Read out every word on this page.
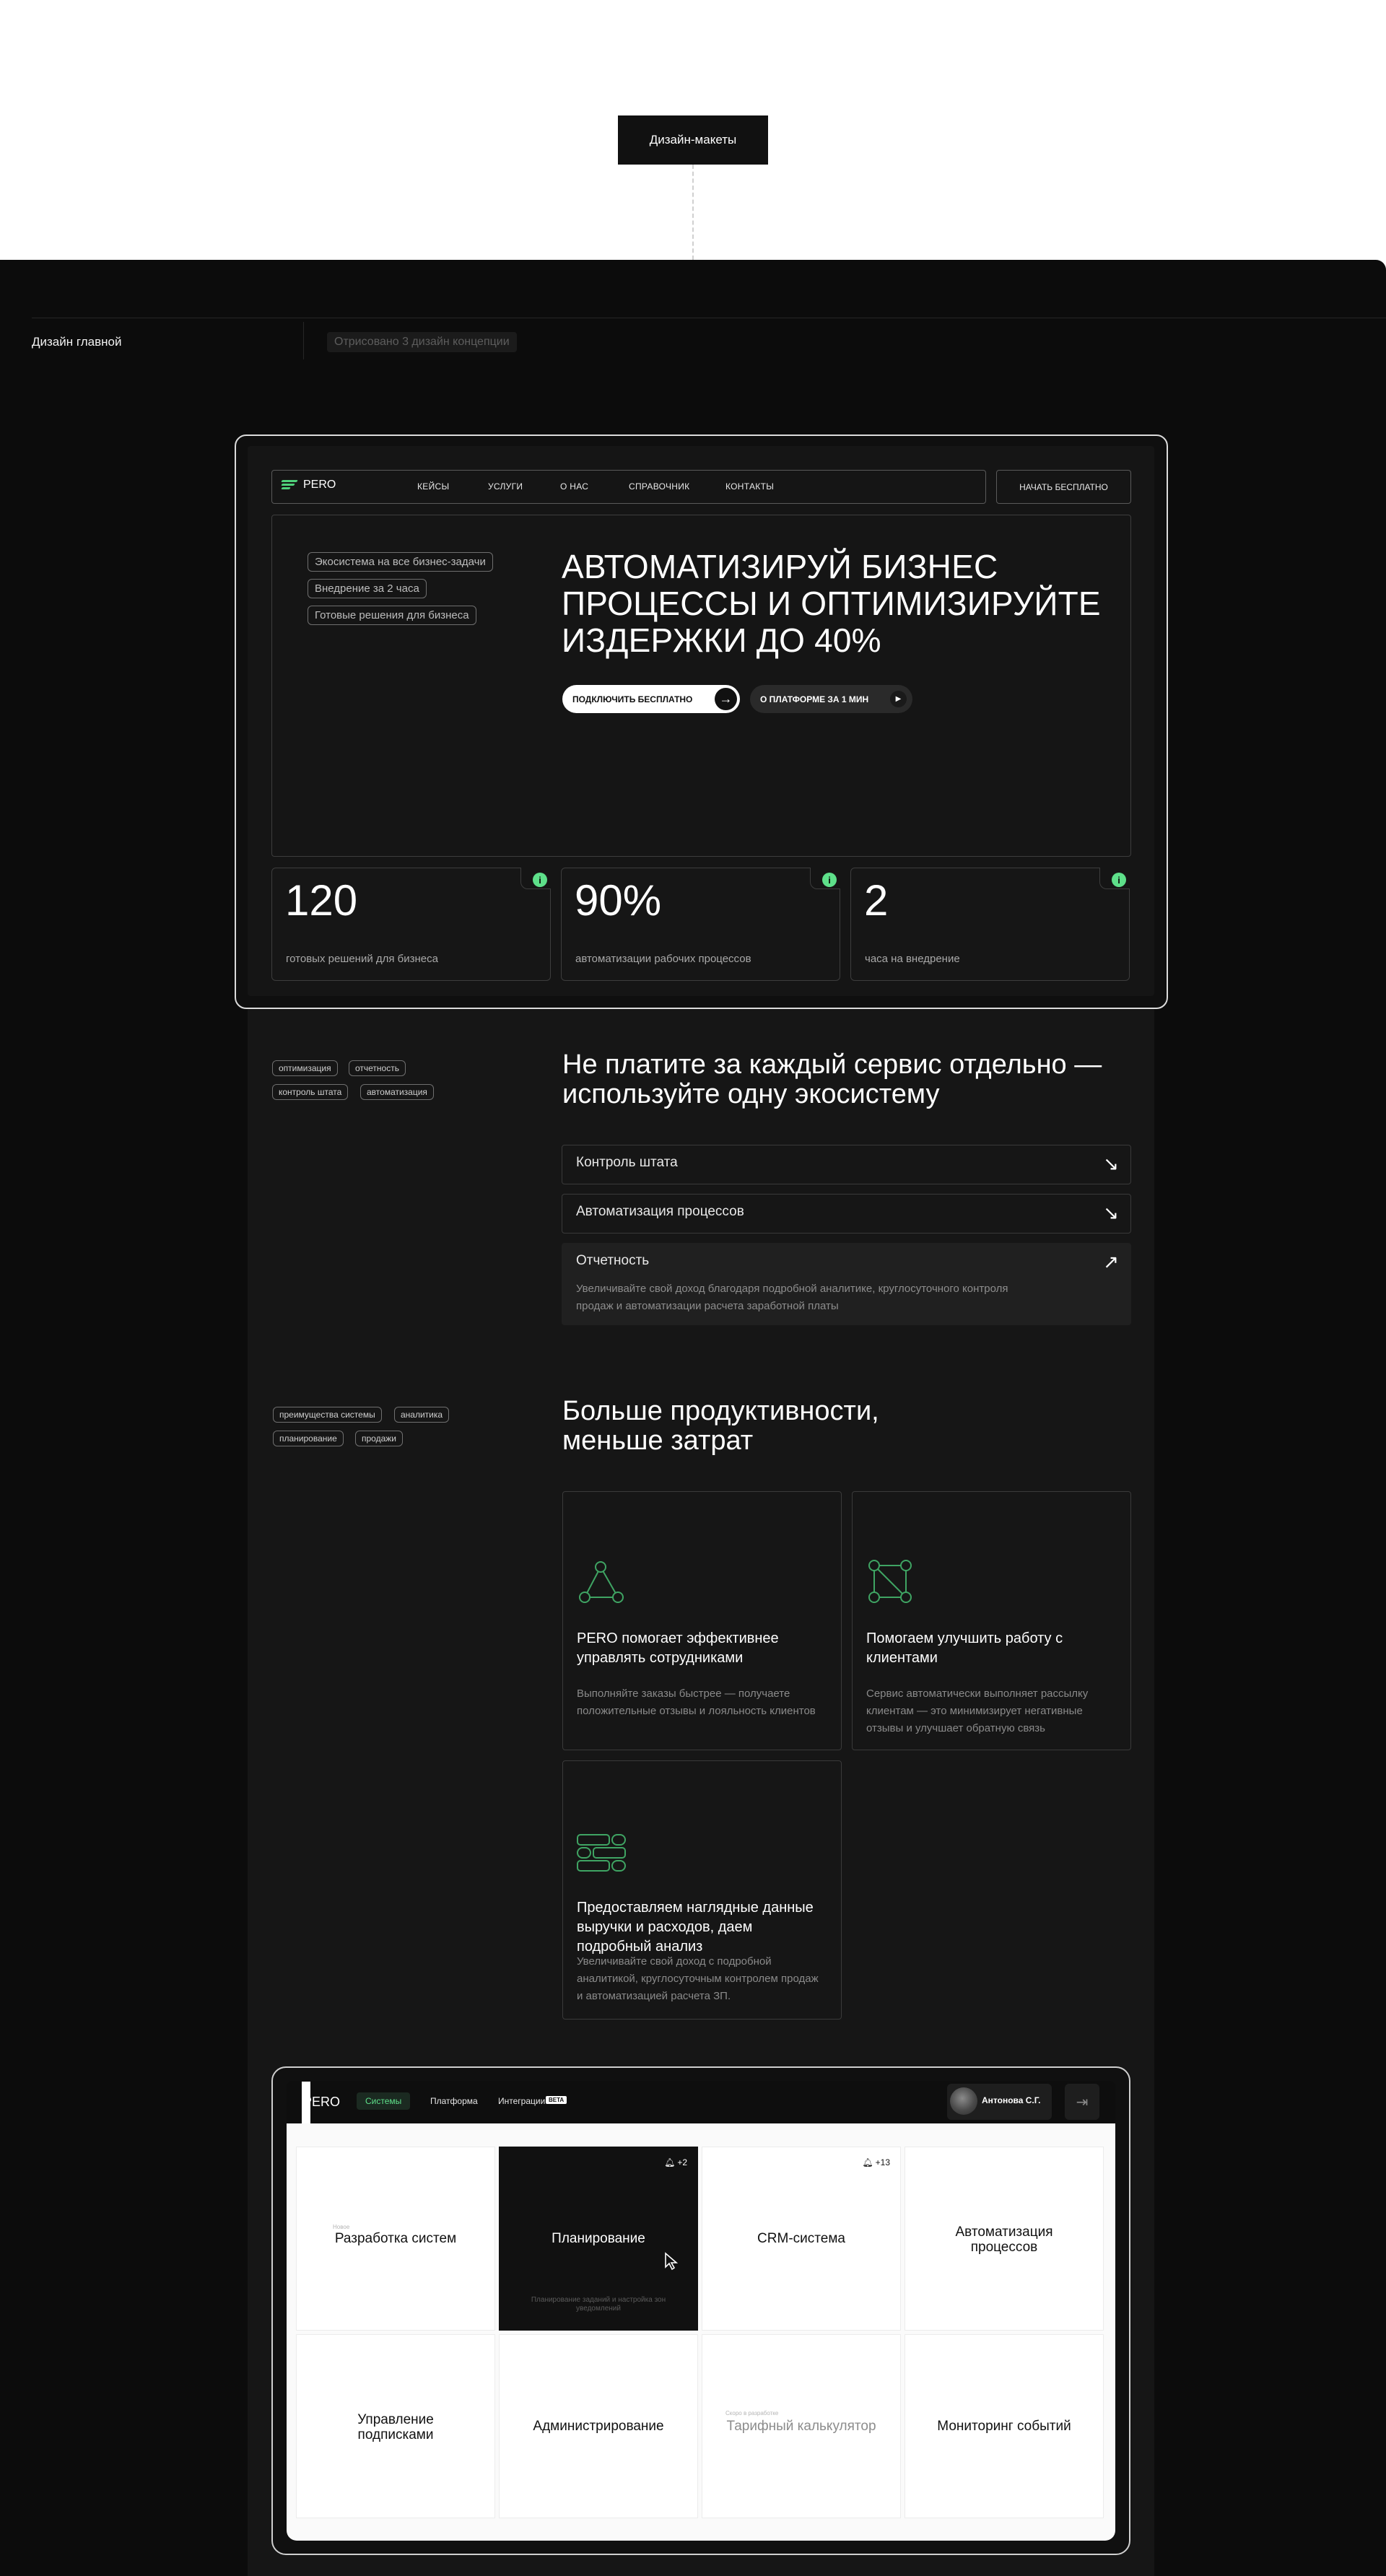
Дизайн-макеты
Дизайн главной	Отрисовано 3 дизайн концепции
PERO	КЕЙСЫ	УСЛУГИ	О НАС	СПРАВОЧНИК	КОНТАКТЫ	НАЧАТЬ БЕСПЛАТНО
Экосистема на все бизнес-задачи
Внедрение за 2 часа
Готовые решения для бизнеса
АВТОМАТИЗИРУЙ БИЗНЕС ПРОЦЕССЫ И ОПТИМИЗИРУЙТЕ ИЗДЕРЖКИ ДО 40%
ПОДКЛЮЧИТЬ БЕСПЛАТНО	→	О ПЛАТФОРМЕ ЗА 1 МИН	▶
i
120
готовых решений для бизнеса
i
90%
автоматизации рабочих процессов
i
2
часа на внедрение
оптимизация	отчетность
контроль штата	автоматизация
Не платите за каждый сервис отдельно — используйте одну экосистему
Контроль штата	↘
Автоматизация процессов	↘
Отчетность	↗

Увеличивайте свой доход благодаря подробной аналитике, круглосуточного контроля продаж и автоматизации расчета заработной платы

преимущества системы	аналитика
планирование	продажи
Больше продуктивности, меньше затрат
PERO помогает эффективнее управлять сотрудниками
Выполняйте заказы быстрее — получаете положительные отзывы и лояльность клиентов
Помогаем улучшить работу с клиентами
Сервис автоматически выполняет рассылку клиентам — это минимизирует негативные отзывы и улучшает обратную связь
Предоставляем наглядные данные выручки и расходов, даем подробный анализ
Увеличивайте свой доход с подробной аналитикой, круглосуточным контролем продаж и автоматизацией расчета ЗП.
PERO	Системы	Платформа Интеграции BETA	Антонова С.Г.	⇥
Новое
Разработка систем
🔔︎ +2
Планирование
Планирование заданий и настройка зон уведомлений
🔔︎ +13
CRM-система	Автоматизация процессов
Управление подписками
Администрирование
Скоро в разработке
Тарифный калькулятор	Мониторинг событий
